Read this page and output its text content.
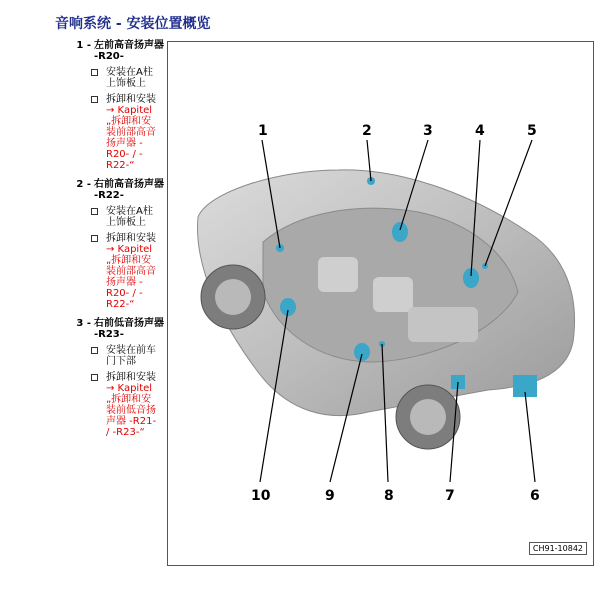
音响系统 - 安装位置概览
1 - 左前高音扬声器 -R20-
安装在A柱上饰板上
拆卸和安装
→ Kapitel „拆卸和安装前部高音扬声器 -R20- / -R22-“
2 - 右前高音扬声器 -R22-
安装在A柱上饰板上
拆卸和安装
→ Kapitel „拆卸和安装前部高音扬声器 -R20- / -R22-“
3 - 右前低音扬声器 -R23-
安装在前车门下部
拆卸和安装
→ Kapitel „拆卸和安装前低音扬声器 -R21- / -R23-“
1	2	3	4	5
10	9	8	7	6
CH91-10842
